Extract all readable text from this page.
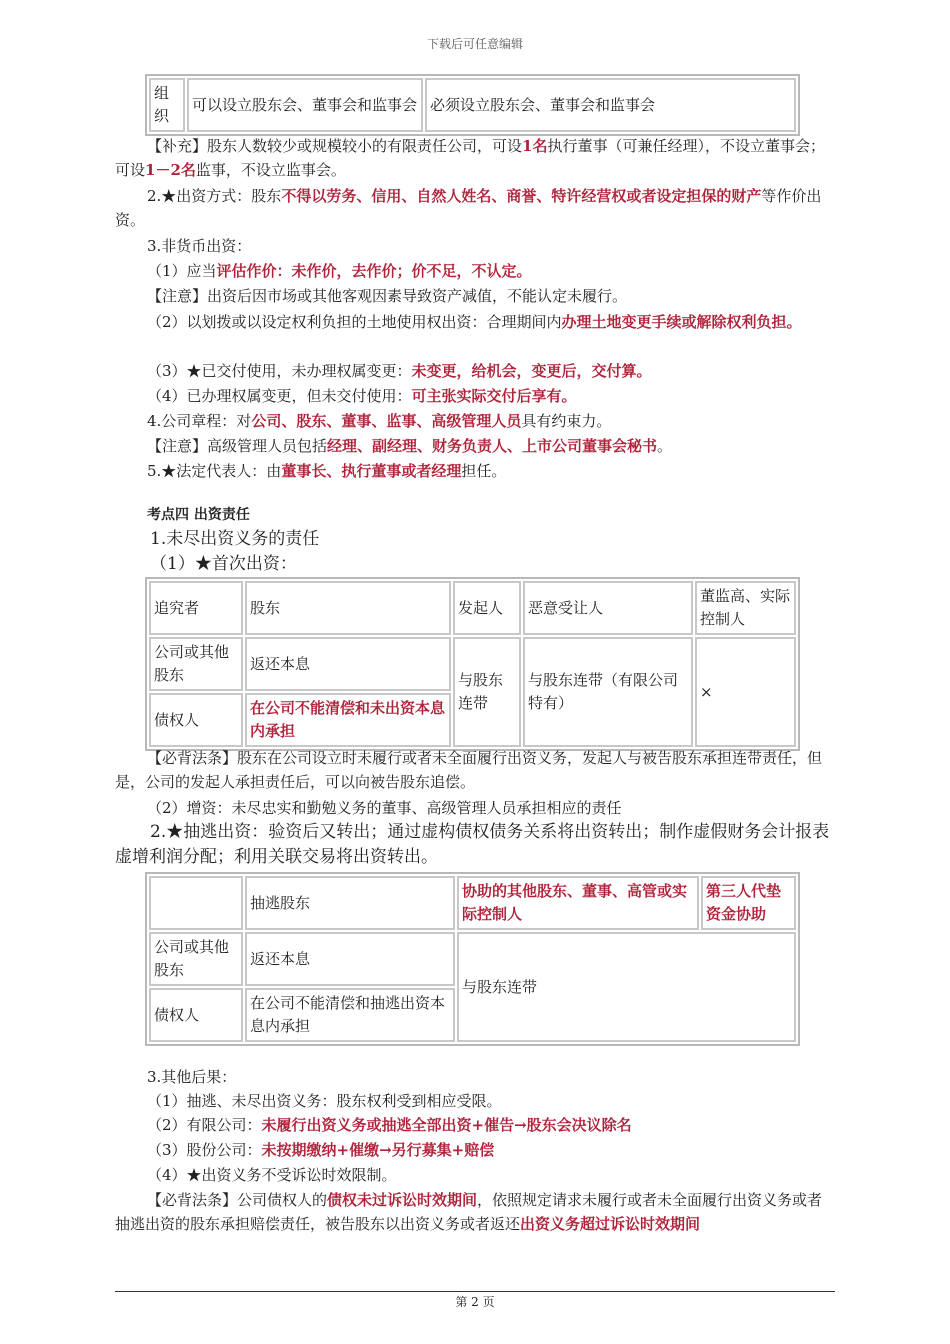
下载后可任意编辑
组织	可以设立股东会、董事会和监事会	必须设立股东会、董事会和监事会
【补充】股东人数较少或规模较小的有限责任公司，可设1名执行董事（可兼任经理），不设立董事会；可设1－2名监事，不设立监事会。
2.★出资方式：股东不得以劳务、信用、自然人姓名、商誉、特许经营权或者设定担保的财产等作价出资。
3.非货币出资：
（1）应当评估作价：未作价，去作价；价不足，不认定。
【注意】出资后因市场或其他客观因素导致资产减值，不能认定未履行。
（2）以划拨或以设定权利负担的土地使用权出资：合理期间内办理土地变更手续或解除权利负担。
（3）★已交付使用，未办理权属变更：未变更，给机会，变更后，交付算。
（4）已办理权属变更，但未交付使用：可主张实际交付后享有。
4.公司章程：对公司、股东、董事、监事、高级管理人员具有约束力。
【注意】高级管理人员包括经理、副经理、财务负责人、上市公司董事会秘书。
5.★法定代表人：由董事长、执行董事或者经理担任。
考点四 出资责任
1.未尽出资义务的责任
（1）★首次出资：
追究者	股东	发起人	恶意受让人	董监高、实际控制人
公司或其他股东	返还本息	与股东连带	与股东连带（有限公司特有）	×
债权人	在公司不能清偿和未出资本息内承担			
【必背法条】股东在公司设立时未履行或者未全面履行出资义务，发起人与被告股东承担连带责任，但是，公司的发起人承担责任后，可以向被告股东追偿。
（2）增资：未尽忠实和勤勉义务的董事、高级管理人员承担相应的责任
2.★抽逃出资：验资后又转出；通过虚构债权债务关系将出资转出；制作虚假财务会计报表虚增利润分配；利用关联交易将出资转出。
	抽逃股东	协助的其他股东、董事、高管或实际控制人	第三人代垫资金协助
公司或其他股东	返还本息	与股东连带	
债权人	在公司不能清偿和抽逃出资本息内承担		
3.其他后果：
（1）抽逃、未尽出资义务：股东权利受到相应受限。
（2）有限公司：未履行出资义务或抽逃全部出资+催告→股东会决议除名
（3）股份公司：未按期缴纳+催缴→另行募集+赔偿
（4）★出资义务不受诉讼时效限制。
【必背法条】公司债权人的债权未过诉讼时效期间，依照规定请求未履行或者未全面履行出资义务或者抽逃出资的股东承担赔偿责任，被告股东以出资义务或者返还出资义务超过诉讼时效期间
第 2 页
